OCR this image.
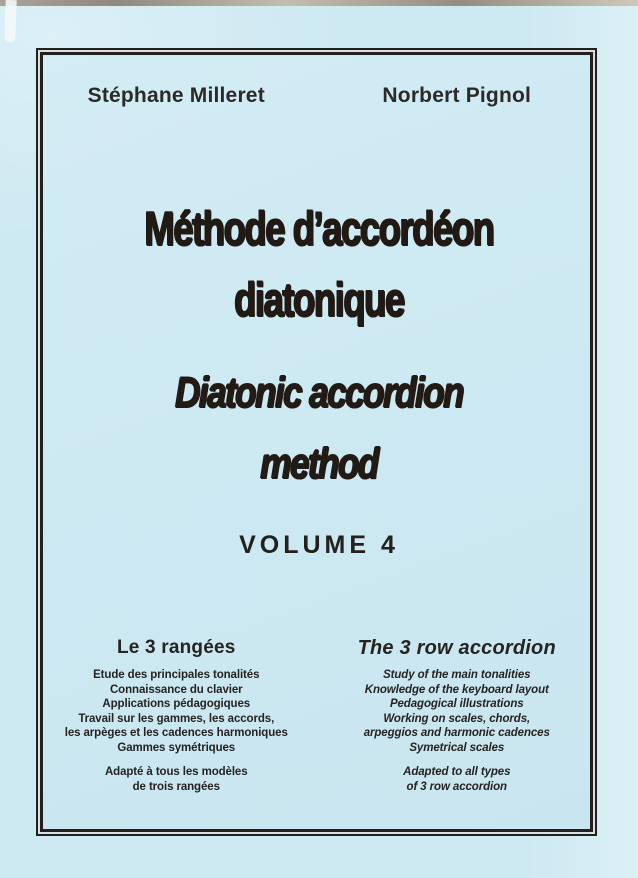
Stéphane Milleret	Norbert Pignol
Méthode d’accordéon
diatonique
Diatonic accordion
method
VOLUME 4
Le 3 rangées
Etude des principales tonalités
Connaissance du clavier
Applications pédagogiques
Travail sur les gammes, les accords,
les arpèges et les cadences harmoniques
Gammes symétriques
Adapté à tous les modèles
de trois rangées
The 3 row accordion
Study of the main tonalities
Knowledge of the keyboard layout
Pedagogical illustrations
Working on scales, chords,
arpeggios and harmonic cadences
Symetrical scales
Adapted to all types
of 3 row accordion
